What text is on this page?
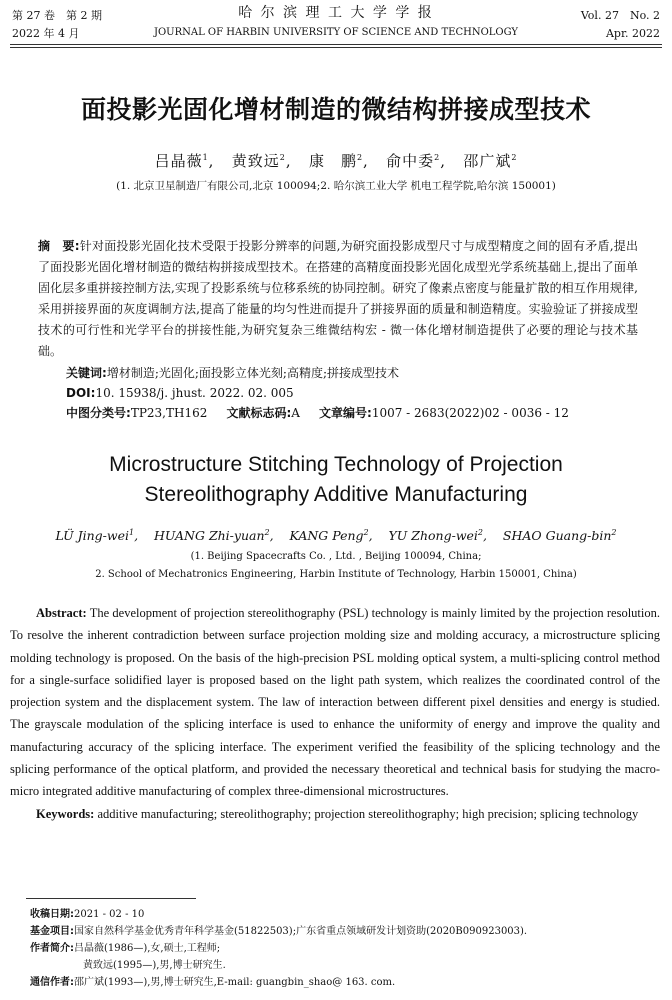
第 27 卷　第 2 期
2022 年 4 月
哈 尔 滨 理 工 大 学 学 报
JOURNAL OF HARBIN UNIVERSITY OF SCIENCE AND TECHNOLOGY
Vol. 27　No. 2
Apr. 2022
面投影光固化增材制造的微结构拼接成型技术
吕晶薇$^1$,   黄致远$^2$,   康　鹏$^2$,   俞中委$^2$,   邵广斌$^2$
(1. 北京卫星制造厂有限公司,北京 100094;2. 哈尔滨工业大学 机电工程学院,哈尔滨 150001)
摘　要:针对面投影光固化技术受限于投影分辨率的问题,为研究面投影成型尺寸与成型精度之间的固有矛盾,提出了面投影光固化增材制造的微结构拼接成型技术。在搭建的高精度面投影光固化成型光学系统基础上,提出了面单固化层多重拼接控制方法,实现了投影系统与位移系统的协同控制。研究了像素点密度与能量扩散的相互作用规律,采用拼接界面的灰度调制方法,提高了能量的均匀性进而提升了拼接界面的质量和制造精度。实验验证了拼接成型技术的可行性和光学平台的拼接性能,为研究复杂三维微结构宏 - 微一体化增材制造提供了必要的理论与技术基础。
关键词:增材制造;光固化;面投影立体光刻;高精度;拼接成型技术
DOI:10. 15938/j. jhust. 2022. 02. 005
中图分类号:TP23,TH162 文献标志码:A 文章编号:1007 - 2683(2022)02 - 0036 - 12
Microstructure Stitching Technology of Projection
Stereolithography Additive Manufacturing
LÜ Jing-wei$^1$,    HUANG Zhi-yuan$^2$,    KANG Peng$^2$,    YU Zhong-wei$^2$,    SHAO Guang-bin$^2$
(1. Beijing Spacecrafts Co. , Ltd. , Beijing 100094, China;
2. School of Mechatronics Engineering, Harbin Institute of Technology, Harbin 150001, China)
Abstract: The development of projection stereolithography (PSL) technology is mainly limited by the projection resolution. To resolve the inherent contradiction between surface projection molding size and molding accuracy, a microstructure splicing molding technology is proposed. On the basis of the high-precision PSL molding optical system, a multi-splicing control method for a single-surface solidified layer is proposed based on the light path system, which realizes the coordinated control of the projection system and the displacement system. The law of interaction between different pixel densities and energy is studied. The grayscale modulation of the splicing interface is used to enhance the uniformity of energy and improve the quality and manufacturing accuracy of the splicing interface. The experiment verified the feasibility of the splicing technology and the splicing performance of the optical platform, and provided the necessary theoretical and technical basis for studying the macro-micro integrated additive manufacturing of complex three-dimensional microstructures.
Keywords: additive manufacturing; stereolithography; projection stereolithography; high precision; splicing technology
收稿日期:2021 - 02 - 10
基金项目:国家自然科学基金优秀青年科学基金(51822503);广东省重点领域研发计划资助(2020B090923003).
作者简介:吕晶薇(1986—),女,硕士,工程师;
黄致远(1995—),男,博士研究生.
通信作者:邵广斌(1993—),男,博士研究生,E-mail: guangbin_shao@ 163. com.
